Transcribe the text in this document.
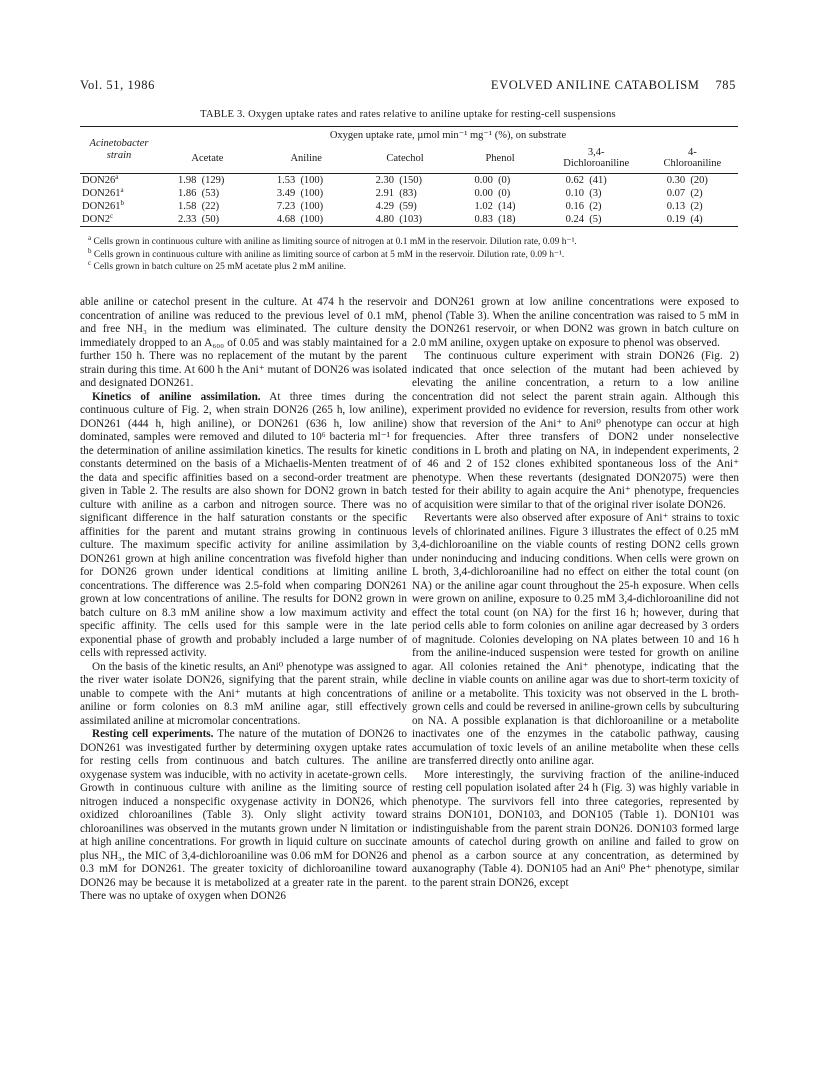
Vol. 51, 1986	EVOLVED ANILINE CATABOLISM 785
TABLE 3. Oxygen uptake rates and rates relative to aniline uptake for resting-cell suspensions
Acinetobacter strain	Oxygen uptake rate, µmol min⁻¹ mg⁻¹ (%), on substrate					
	Acetate	Aniline	Catechol	Phenol	3,4-
Dichloroaniline	4-
Chloroaniline
DON26$^a$	1.98  (129)	1.53  (100)	2.30  (150)	0.00  (0)	0.62  (41)	0.30  (20)
DON261$^a$	1.86  (53)	3.49  (100)	2.91  (83)	0.00  (0)	0.10  (3)	0.07  (2)
DON261$^b$	1.58  (22)	7.23  (100)	4.29  (59)	1.02  (14)	0.16  (2)	0.13  (2)
DON2$^c$	2.33  (50)	4.68  (100)	4.80  (103)	0.83  (18)	0.24  (5)	0.19  (4)
$^a$ Cells grown in continuous culture with aniline as limiting source of nitrogen at 0.1 mM in the reservoir. Dilution rate, 0.09 h⁻¹.
$^b$ Cells grown in continuous culture with aniline as limiting source of carbon at 5 mM in the reservoir. Dilution rate, 0.09 h⁻¹.
$^c$ Cells grown in batch culture on 25 mM acetate plus 2 mM aniline.

able aniline or catechol present in the culture. At 474 h the reservoir concentration of aniline was reduced to the previous level of 0.1 mM, and free NH₃ in the medium was eliminated. The culture density immediately dropped to an A₆₀₀ of 0.05 and was stably maintained for a further 150 h. There was no replacement of the mutant by the parent strain during this time. At 600 h the Ani⁺ mutant of DON26 was isolated and designated DON261.

Kinetics of aniline assimilation. At three times during the continuous culture of Fig. 2, when strain DON26 (265 h, low aniline), DON261 (444 h, high aniline), or DON261 (636 h, low aniline) dominated, samples were removed and diluted to 10⁶ bacteria ml⁻¹ for the determination of aniline assimilation kinetics. The results for kinetic constants determined on the basis of a Michaelis-Menten treatment of the data and specific affinities based on a second-order treatment are given in Table 2. The results are also shown for DON2 grown in batch culture with aniline as a carbon and nitrogen source. There was no significant difference in the half saturation constants or the specific affinities for the parent and mutant strains growing in continuous culture. The maximum specific activity for aniline assimilation by DON261 grown at high aniline concentration was fivefold higher than for DON26 grown under identical conditions at limiting aniline concentrations. The difference was 2.5-fold when comparing DON261 grown at low concentrations of aniline. The results for DON2 grown in batch culture on 8.3 mM aniline show a low maximum activity and specific affinity. The cells used for this sample were in the late exponential phase of growth and probably included a large number of cells with repressed activity.

On the basis of the kinetic results, an Ani⁰ phenotype was assigned to the river water isolate DON26, signifying that the parent strain, while unable to compete with the Ani⁺ mutants at high concentrations of aniline or form colonies on 8.3 mM aniline agar, still effectively assimilated aniline at micromolar concentrations.

Resting cell experiments. The nature of the mutation of DON26 to DON261 was investigated further by determining oxygen uptake rates for resting cells from continuous and batch cultures. The aniline oxygenase system was inducible, with no activity in acetate-grown cells. Growth in continuous culture with aniline as the limiting source of nitrogen induced a nonspecific oxygenase activity in DON26, which oxidized chloroanilines (Table 3). Only slight activity toward chloroanilines was observed in the mutants grown under N limitation or at high aniline concentrations. For growth in liquid culture on succinate plus NH₃, the MIC of 3,4-dichloroaniline was 0.06 mM for DON26 and 0.3 mM for DON261. The greater toxicity of dichloroaniline toward DON26 may be because it is metabolized at a greater rate in the parent. There was no uptake of oxygen when DON26

and DON261 grown at low aniline concentrations were exposed to phenol (Table 3). When the aniline concentration was raised to 5 mM in the DON261 reservoir, or when DON2 was grown in batch culture on 2.0 mM aniline, oxygen uptake on exposure to phenol was observed.

The continuous culture experiment with strain DON26 (Fig. 2) indicated that once selection of the mutant had been achieved by elevating the aniline concentration, a return to a low aniline concentration did not select the parent strain again. Although this experiment provided no evidence for reversion, results from other work show that reversion of the Ani⁺ to Ani⁰ phenotype can occur at high frequencies. After three transfers of DON2 under nonselective conditions in L broth and plating on NA, in independent experiments, 2 of 46 and 2 of 152 clones exhibited spontaneous loss of the Ani⁺ phenotype. When these revertants (designated DON2075) were then tested for their ability to again acquire the Ani⁺ phenotype, frequencies of acquisition were similar to that of the original river isolate DON26.

Revertants were also observed after exposure of Ani⁺ strains to toxic levels of chlorinated anilines. Figure 3 illustrates the effect of 0.25 mM 3,4-dichloroaniline on the viable counts of resting DON2 cells grown under noninducing and inducing conditions. When cells were grown on L broth, 3,4-dichloroaniline had no effect on either the total count (on NA) or the aniline agar count throughout the 25-h exposure. When cells were grown on aniline, exposure to 0.25 mM 3,4-dichloroaniline did not effect the total count (on NA) for the first 16 h; however, during that period cells able to form colonies on aniline agar decreased by 3 orders of magnitude. Colonies developing on NA plates between 10 and 16 h from the aniline-induced suspension were tested for growth on aniline agar. All colonies retained the Ani⁺ phenotype, indicating that the decline in viable counts on aniline agar was due to short-term toxicity of aniline or a metabolite. This toxicity was not observed in the L broth-grown cells and could be reversed in aniline-grown cells by subculturing on NA. A possible explanation is that dichloroaniline or a metabolite inactivates one of the enzymes in the catabolic pathway, causing accumulation of toxic levels of an aniline metabolite when these cells are transferred directly onto aniline agar.

More interestingly, the surviving fraction of the aniline-induced resting cell population isolated after 24 h (Fig. 3) was highly variable in phenotype. The survivors fell into three categories, represented by strains DON101, DON103, and DON105 (Table 1). DON101 was indistinguishable from the parent strain DON26. DON103 formed large amounts of catechol during growth on aniline and failed to grow on phenol as a carbon source at any concentration, as determined by auxanography (Table 4). DON105 had an Ani⁰ Phe⁺ phenotype, similar to the parent strain DON26, except
